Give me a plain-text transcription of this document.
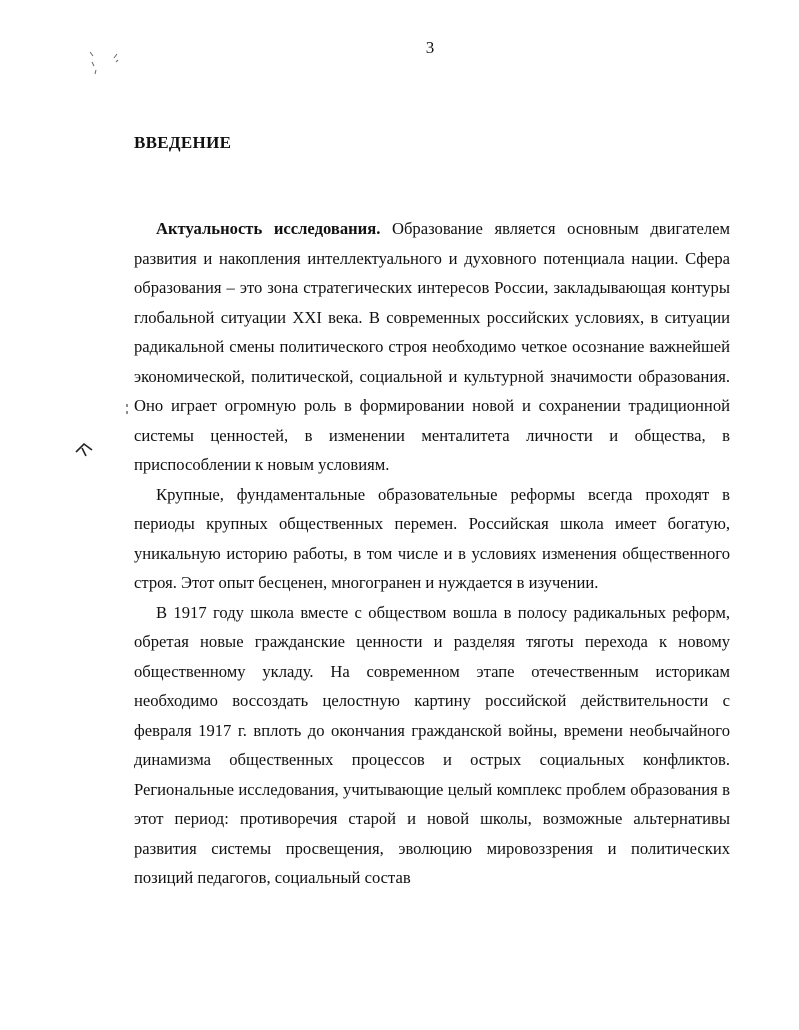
3
ВВЕДЕНИЕ

Актуальность исследования. Образование является основным двигателем развития и накопления интеллектуального и духовного потенциала нации. Сфера образования – это зона стратегических интересов России, закладывающая контуры глобальной ситуации XXI века. В современных российских условиях, в ситуации радикальной смены политического строя необходимо четкое осознание важнейшей экономической, политической, социальной и культурной значимости образования. Оно играет огромную роль в формировании новой и сохранении традиционной системы ценностей, в изменении менталитета личности и общества, в приспособлении к новым условиям.

Крупные, фундаментальные образовательные реформы всегда проходят в периоды крупных общественных перемен. Российская школа имеет богатую, уникальную историю работы, в том числе и в условиях изменения общественного строя. Этот опыт бесценен, многогранен и нуждается в изучении.

В 1917 году школа вместе с обществом вошла в полосу радикальных реформ, обретая новые гражданские ценности и разделяя тяготы перехода к новому общественному укладу. На современном этапе отечественным историкам необходимо воссоздать целостную картину российской действительности с февраля 1917 г. вплоть до окончания гражданской войны, времени необычайного динамизма общественных процессов и острых социальных конфликтов. Региональные исследования, учитывающие целый комплекс проблем образования в этот период: противоречия старой и новой школы, возможные альтернативы развития системы просвещения, эволюцию мировоззрения и политических позиций педагогов, социальный состав
